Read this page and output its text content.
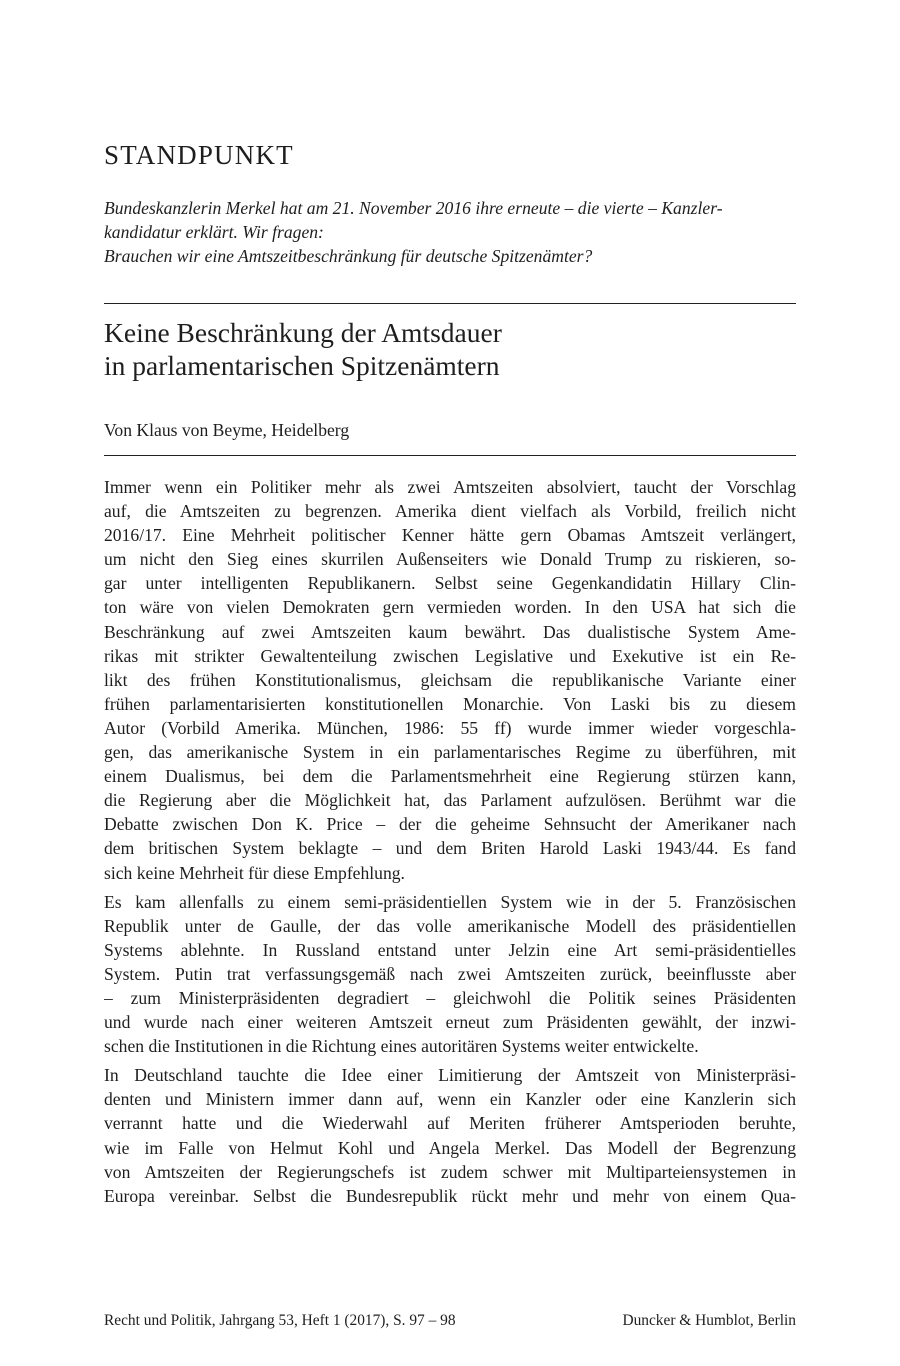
STANDPUNKT

Bundeskanzlerin Merkel hat am 21. November 2016 ihre erneute – die vierte – Kanzler-
kandidatur erklärt. Wir fragen:
Brauchen wir eine Amtszeitbeschränkung für deutsche Spitzenämter?

Keine Beschränkung der Amtsdauer
in parlamentarischen Spitzenämtern

Von Klaus von Beyme, Heidelberg

Immer wenn ein Politiker mehr als zwei Amtszeiten absolviert, taucht der Vorschlag
auf, die Amtszeiten zu begrenzen. Amerika dient vielfach als Vorbild, freilich nicht
2016/17. Eine Mehrheit politischer Kenner hätte gern Obamas Amtszeit verlängert,
um nicht den Sieg eines skurrilen Außenseiters wie Donald Trump zu riskieren, so-
gar unter intelligenten Republikanern. Selbst seine Gegenkandidatin Hillary Clin-
ton wäre von vielen Demokraten gern vermieden worden. In den USA hat sich die
Beschränkung auf zwei Amtszeiten kaum bewährt. Das dualistische System Ame-
rikas mit strikter Gewaltenteilung zwischen Legislative und Exekutive ist ein Re-
likt des frühen Konstitutionalismus, gleichsam die republikanische Variante einer
frühen parlamentarisierten konstitutionellen Monarchie. Von Laski bis zu diesem
Autor (Vorbild Amerika. München, 1986: 55 ff) wurde immer wieder vorgeschla-
gen, das amerikanische System in ein parlamentarisches Regime zu überführen, mit
einem Dualismus, bei dem die Parlamentsmehrheit eine Regierung stürzen kann,
die Regierung aber die Möglichkeit hat, das Parlament aufzulösen. Berühmt war die
Debatte zwischen Don K. Price – der die geheime Sehnsucht der Amerikaner nach
dem britischen System beklagte – und dem Briten Harold Laski 1943/44. Es fand
sich keine Mehrheit für diese Empfehlung.

Es kam allenfalls zu einem semi-präsidentiellen System wie in der 5. Französischen
Republik unter de Gaulle, der das volle amerikanische Modell des präsidentiellen
Systems ablehnte. In Russland entstand unter Jelzin eine Art semi-präsidentielles
System. Putin trat verfassungsgemäß nach zwei Amtszeiten zurück, beeinflusste aber
– zum Ministerpräsidenten degradiert – gleichwohl die Politik seines Präsidenten
und wurde nach einer weiteren Amtszeit erneut zum Präsidenten gewählt, der inzwi-
schen die Institutionen in die Richtung eines autoritären Systems weiter entwickelte.

In Deutschland tauchte die Idee einer Limitierung der Amtszeit von Ministerpräsi-
denten und Ministern immer dann auf, wenn ein Kanzler oder eine Kanzlerin sich
verrannt hatte und die Wiederwahl auf Meriten früherer Amtsperioden beruhte,
wie im Falle von Helmut Kohl und Angela Merkel. Das Modell der Begrenzung
von Amtszeiten der Regierungschefs ist zudem schwer mit Multiparteiensystemen in
Europa vereinbar. Selbst die Bundesrepublik rückt mehr und mehr von einem Qua-

Recht und Politik, Jahrgang 53, Heft 1 (2017), S. 97 – 98	Duncker & Humblot, Berlin
